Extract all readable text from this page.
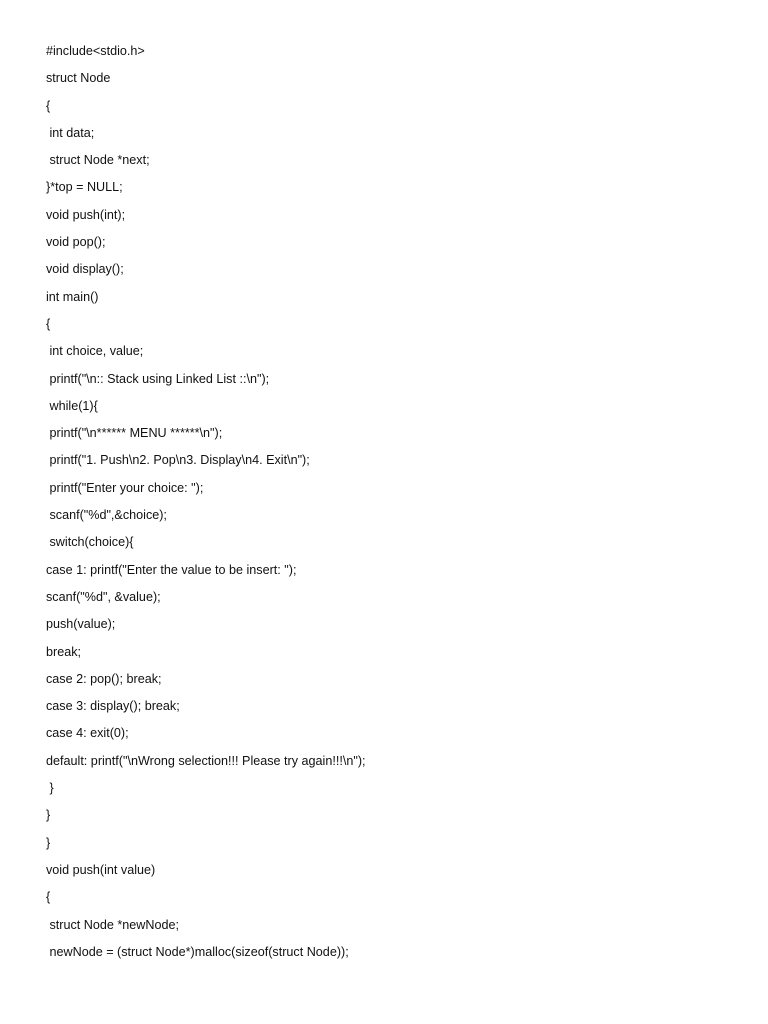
#include<stdio.h>
struct Node
{
int data;
struct Node *next;
}*top = NULL;
void push(int);
void pop();
void display();
int main()
{
int choice, value;
printf("\n:: Stack using Linked List ::\n");
while(1){
printf("\n****** MENU ******\n");
printf("1. Push\n2. Pop\n3. Display\n4. Exit\n");
printf("Enter your choice: ");
scanf("%d",&choice);
switch(choice){
case 1: printf("Enter the value to be insert: ");
scanf("%d", &value);
push(value);
break;
case 2: pop(); break;
case 3: display(); break;
case 4: exit(0);
default: printf("\nWrong selection!!! Please try again!!!\n");
}
}
}
void push(int value)
{
struct Node *newNode;
newNode = (struct Node*)malloc(sizeof(struct Node));
